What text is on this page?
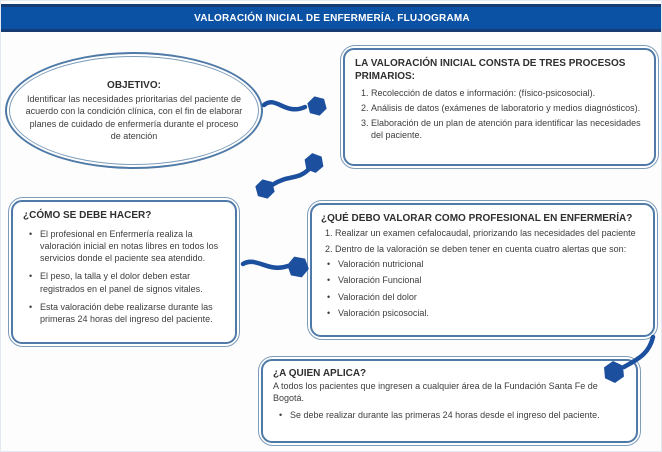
VALORACIÓN INICIAL DE ENFERMERÍA. FLUJOGRAMA
OBJETIVO:
Identificar las necesidades prioritarias del paciente de acuerdo con la condición clínica, con el fin de elaborar planes de cuidado de enfermería durante el proceso de atención
LA VALORACIÓN INICIAL CONSTA DE TRES PROCESOS PRIMARIOS:
1. Recolección de datos e información: (físico-psicosocial).
2. Análisis de datos (exámenes de laboratorio y medios diagnósticos).
3. Elaboración de un plan de atención para identificar las necesidades del paciente.
¿CÓMO SE DEBE HACER?
• El profesional en Enfermería realiza la valoración inicial en notas libres en todos los servicios donde el paciente sea atendido.
• El peso, la talla y el dolor deben estar registrados en el panel de signos vitales.
• Esta valoración debe realizarse durante las primeras 24 horas del ingreso del paciente.
¿QUÉ DEBO VALORAR COMO PROFESIONAL EN ENFERMERÍA?
1. Realizar un examen cefalocaudal, priorizando las necesidades del paciente
2. Dentro de la valoración se deben tener en cuenta cuatro alertas que son:
• Valoración nutricional
• Valoración Funcional
• Valoración del dolor
• Valoración psicosocial.
¿A QUIEN APLICA?
A todos los pacientes que ingresen a cualquier área de la Fundación Santa Fe de Bogotá.
• Se debe realizar durante las primeras 24 horas desde el ingreso del paciente.
